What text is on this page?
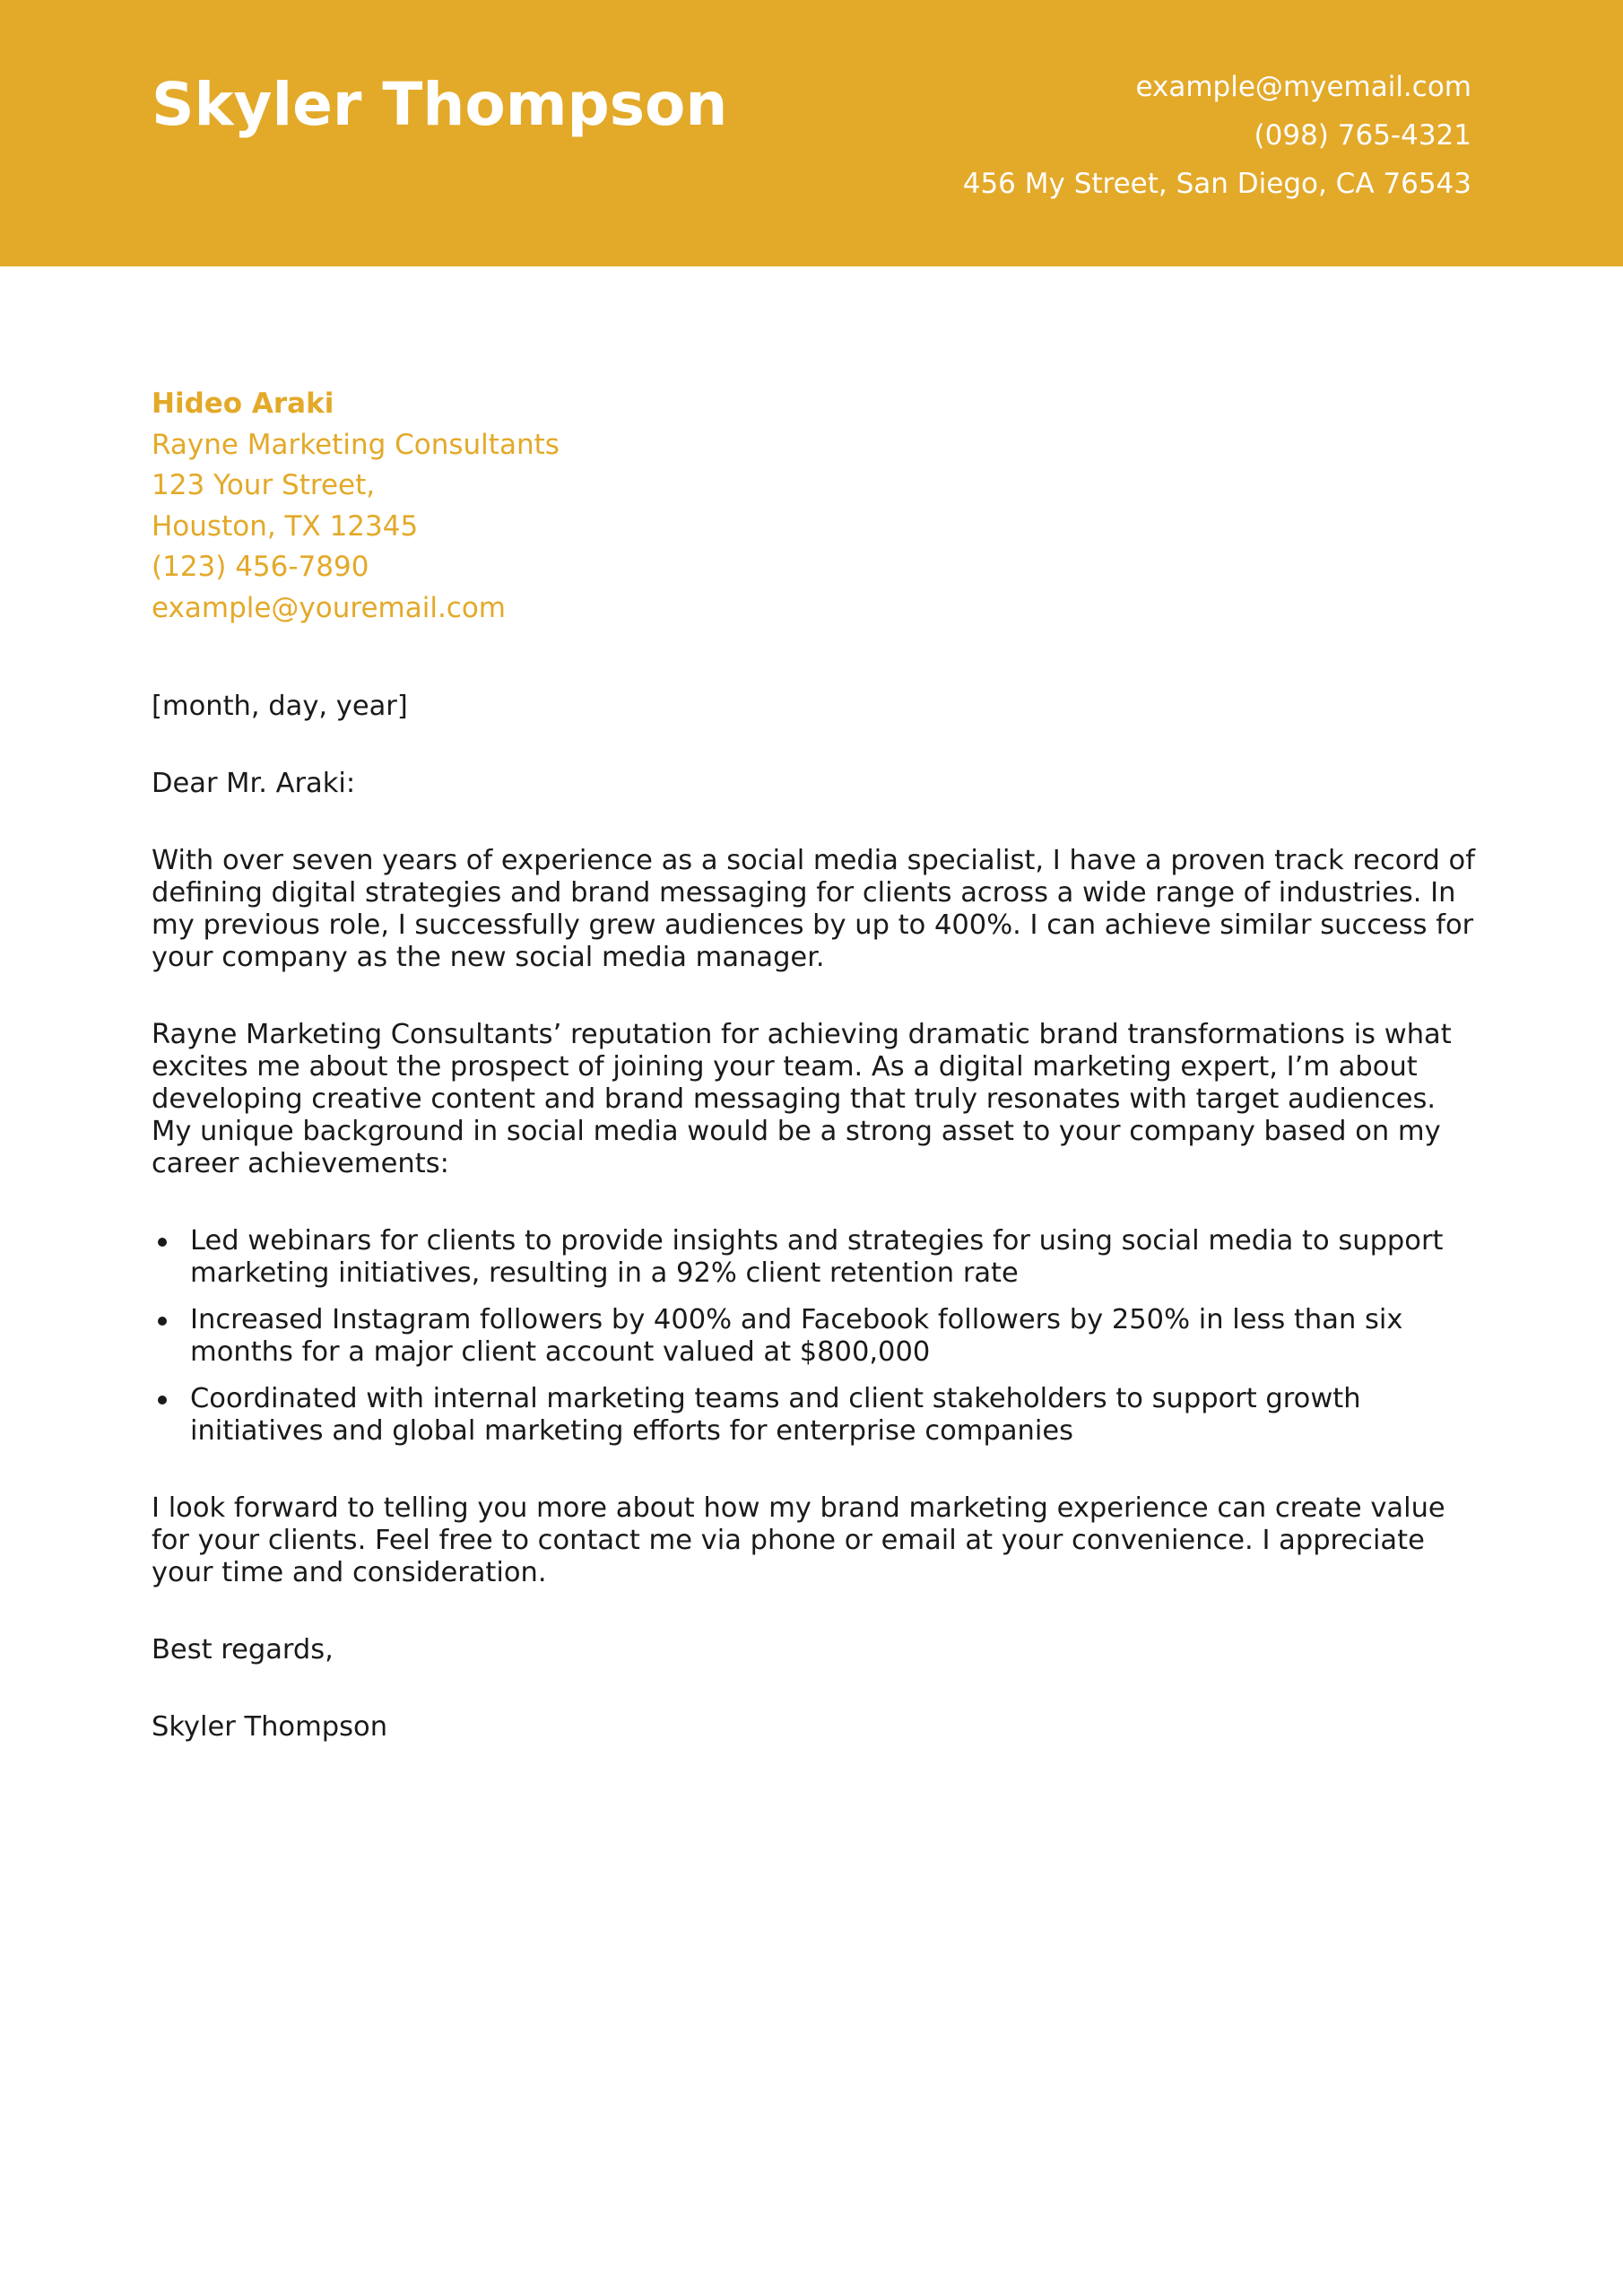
Skyler Thompson	example@myemail.com
(098) 765-4321
456 My Street, San Diego, CA 76543
Hideo Araki
Rayne Marketing Consultants
123 Your Street,
Houston, TX 12345
(123) 456-7890
example@youremail.com

[month, day, year]

Dear Mr. Araki:

With over seven years of experience as a social media specialist, I have a proven track record of defining digital strategies and brand messaging for clients across a wide range of industries. In my previous role, I successfully grew audiences by up to 400%. I can achieve similar success for your company as the new social media manager.

Rayne Marketing Consultants’ reputation for achieving dramatic brand transformations is what excites me about the prospect of joining your team. As a digital marketing expert, I’m about developing creative content and brand messaging that truly resonates with target audiences. My unique background in social media would be a strong asset to your company based on my career achievements:

Led webinars for clients to provide insights and strategies for using social media to support marketing initiatives, resulting in a 92% client retention rate
Increased Instagram followers by 400% and Facebook followers by 250% in less than six months for a major client account valued at $800,000
Coordinated with internal marketing teams and client stakeholders to support growth initiatives and global marketing efforts for enterprise companies

I look forward to telling you more about how my brand marketing experience can create value for your clients. Feel free to contact me via phone or email at your convenience. I appreciate your time and consideration.

Best regards,

Skyler Thompson
